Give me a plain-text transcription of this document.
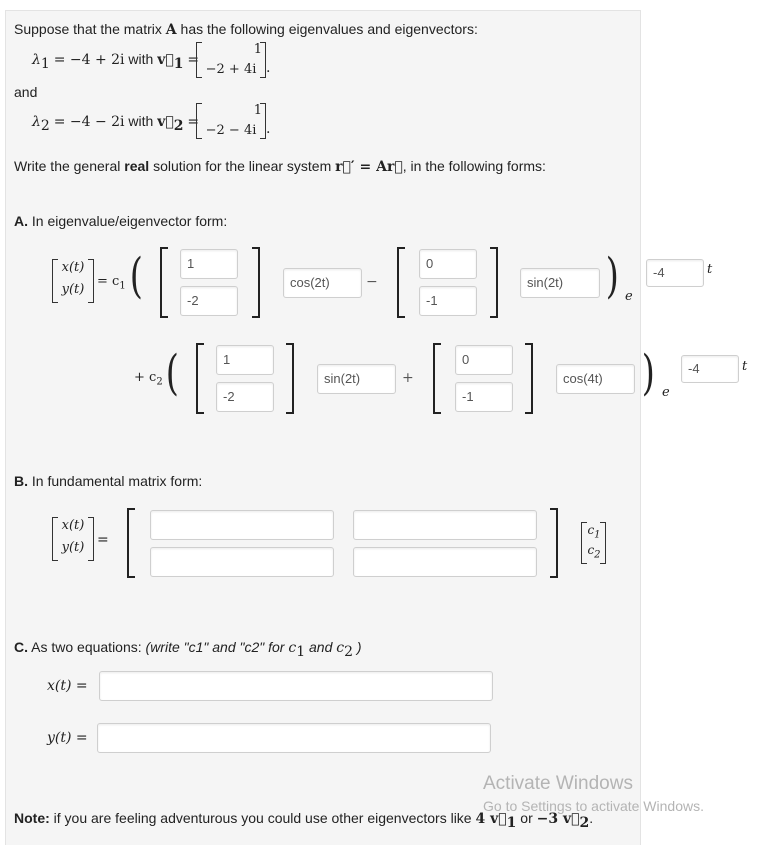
Suppose that the matrix A has the following eigenvalues and eigenvectors:
$\lambda_1 = -4 + 2i$ with $v⃗_1$ =
1
−2 + 4i .
and
$\lambda_2 = -4 - 2i$ with $v⃗_2$ =
1
−2 − 4i .
Write the general real solution for the linear system r⃗′ = Ar⃗, in the following forms:
A. In eigenvalue/eigenvector form:
x(t)
y(t)
= $c_1$ (	1
-2
cos(2t)	−
0
-1
sin(2t) ) e
-4	t
+ $c_2$ (	1
-2
sin(2t)	+
0
-1
cos(4t) ) e
-4	t
B. In fundamental matrix form:
x(t)
y(t) =
$c_1$
$c_2$
C. As two equations: (write "c1" and "c2" for $c_1$ and $c_2$ )
x(t) =
y(t) =
Note: if you are feeling adventurous you could use other eigenvectors like 4 $v⃗_1$ or −3 $v⃗_2$.
Activate Windows
Go to Settings to activate Windows.
